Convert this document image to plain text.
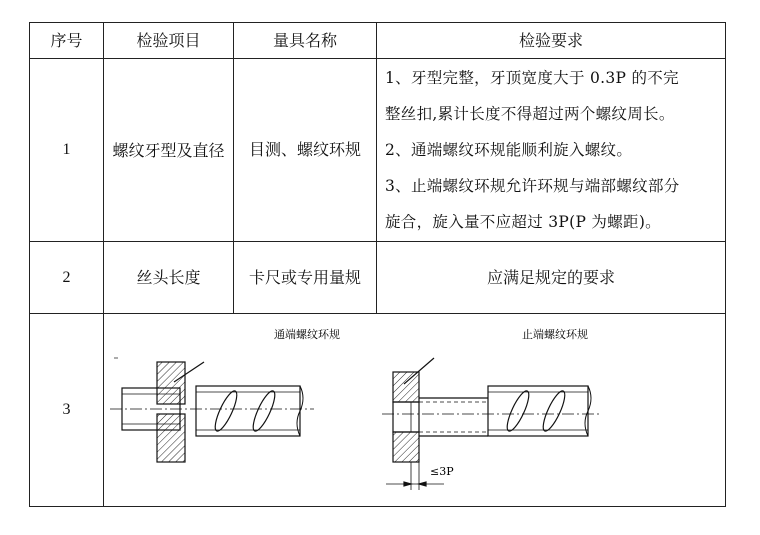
序号	检验项目	量具名称	检验要求
1	螺纹牙型及直径	目测、螺纹环规	1、牙型完整，牙顶宽度大于 0.3P 的不完

整丝扣,累计长度不得超过两个螺纹周长。

2、通端螺纹环规能顺利旋入螺纹。

3、止端螺纹环规允许环规与端部螺纹部分

旋合，旋入量不应超过 3P(P 为螺距)。

2	丝头长度	卡尺或专用量规	应满足规定的要求
3	通端螺纹环规 止端螺纹环规
≤3P		
